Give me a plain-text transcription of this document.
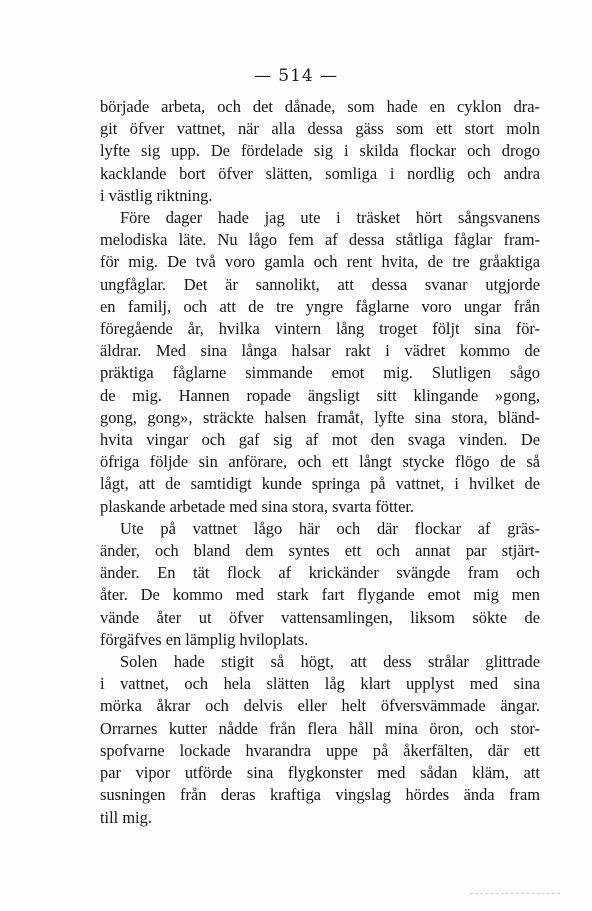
— 514 —

började arbeta, och det dånade, som hade en cyklon dra-
git öfver vattnet, när alla dessa gäss som ett stort moln
lyfte sig upp. De fördelade sig i skilda flockar och drogo
kacklande bort öfver slätten, somliga i nordlig och andra
i västlig riktning.

Före dager hade jag ute i träsket hört sångsvanens
melodiska läte. Nu lågo fem af dessa ståtliga fåglar fram-
för mig. De två voro gamla och rent hvita, de tre gråaktiga
ungfåglar. Det är sannolikt, att dessa svanar utgjorde
en familj, och att de tre yngre fåglarne voro ungar från
föregående år, hvilka vintern lång troget följt sina för-
äldrar. Med sina långa halsar rakt i vädret kommo de
präktiga fåglarne simmande emot mig. Slutligen sågo
de mig. Hannen ropade ängsligt sitt klingande »gong,
gong, gong», sträckte halsen framåt, lyfte sina stora, bländ-
hvita vingar och gaf sig af mot den svaga vinden. De
öfriga följde sin anförare, och ett långt stycke flögo de så
lågt, att de samtidigt kunde springa på vattnet, i hvilket de
plaskande arbetade med sina stora, svarta fötter.

Ute på vattnet lågo här och där flockar af gräs-
änder, och bland dem syntes ett och annat par stjärt-
änder. En tät flock af krickänder svängde fram och
åter. De kommo med stark fart flygande emot mig men
vände åter ut öfver vattensamlingen, liksom sökte de
förgäfves en lämplig hviloplats.

Solen hade stigit så högt, att dess strålar glittrade
i vattnet, och hela slätten låg klart upplyst med sina
mörka åkrar och delvis eller helt öfversvämmade ängar.
Orrarnes kutter nådde från flera håll mina öron, och stor-
spofvarne lockade hvarandra uppe på åkerfälten, där ett
par vipor utförde sina flygkonster med sådan kläm, att
susningen från deras kraftiga vingslag hördes ända fram
till mig.
